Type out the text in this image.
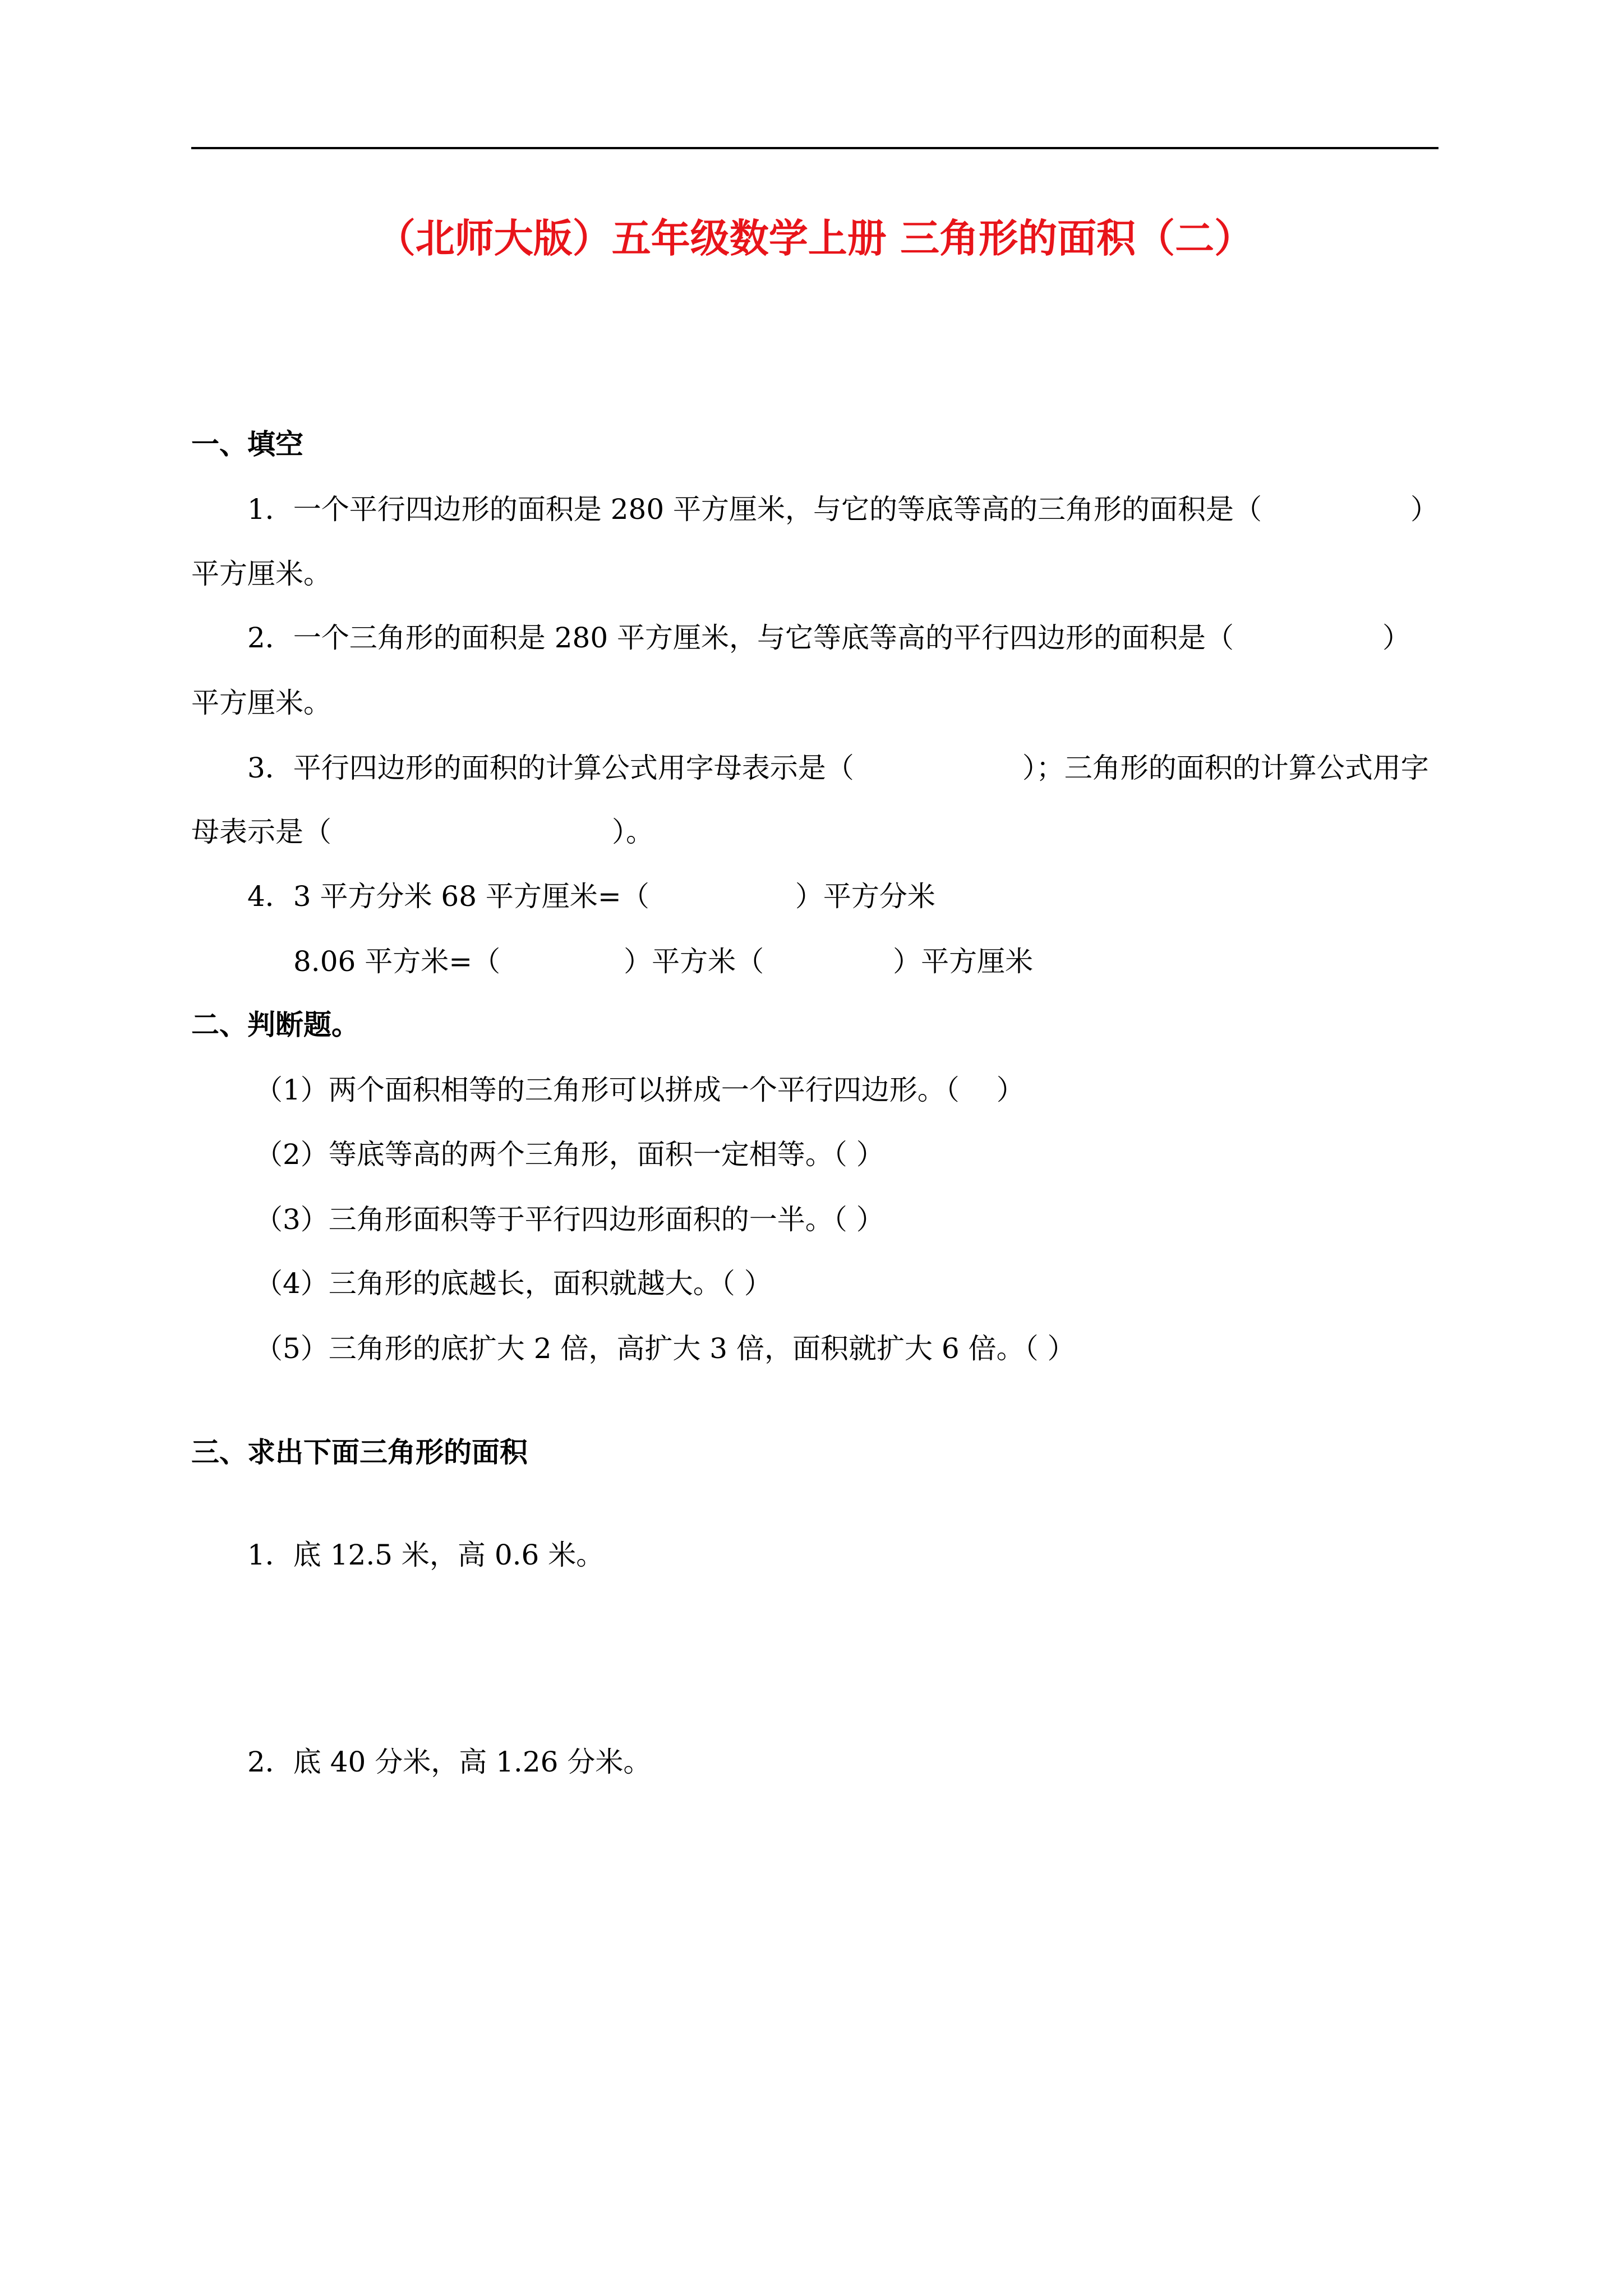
（北师大版）五年级数学上册 三角形的面积（二）
一、填空
1．一个平行四边形的面积是 280 平方厘米，与它的等底等高的三角形的面积是（	）
平方厘米。
2．一个三角形的面积是 280 平方厘米，与它等底等高的平行四边形的面积是（	）
平方厘米。
3．平行四边形的面积的计算公式用字母表示是（	）；三角形的面积的计算公式用字
母表示是（	）。
4．3 平方分米 68 平方厘米=（	）平方分米
8.06 平方米=（	）平方米（	）平方厘米
二、判断题。
（1）两个面积相等的三角形可以拼成一个平行四边形。（　 ）
（2）等底等高的两个三角形，面积一定相等。（ ）
（3）三角形面积等于平行四边形面积的一半。（ ）
（4）三角形的底越长，面积就越大。（ ）
（5）三角形的底扩大 2 倍，高扩大 3 倍，面积就扩大 6 倍。（ ）
三、求出下面三角形的面积
1．底 12.5 米，高 0.6 米。
2．底 40 分米，高 1.26 分米。
